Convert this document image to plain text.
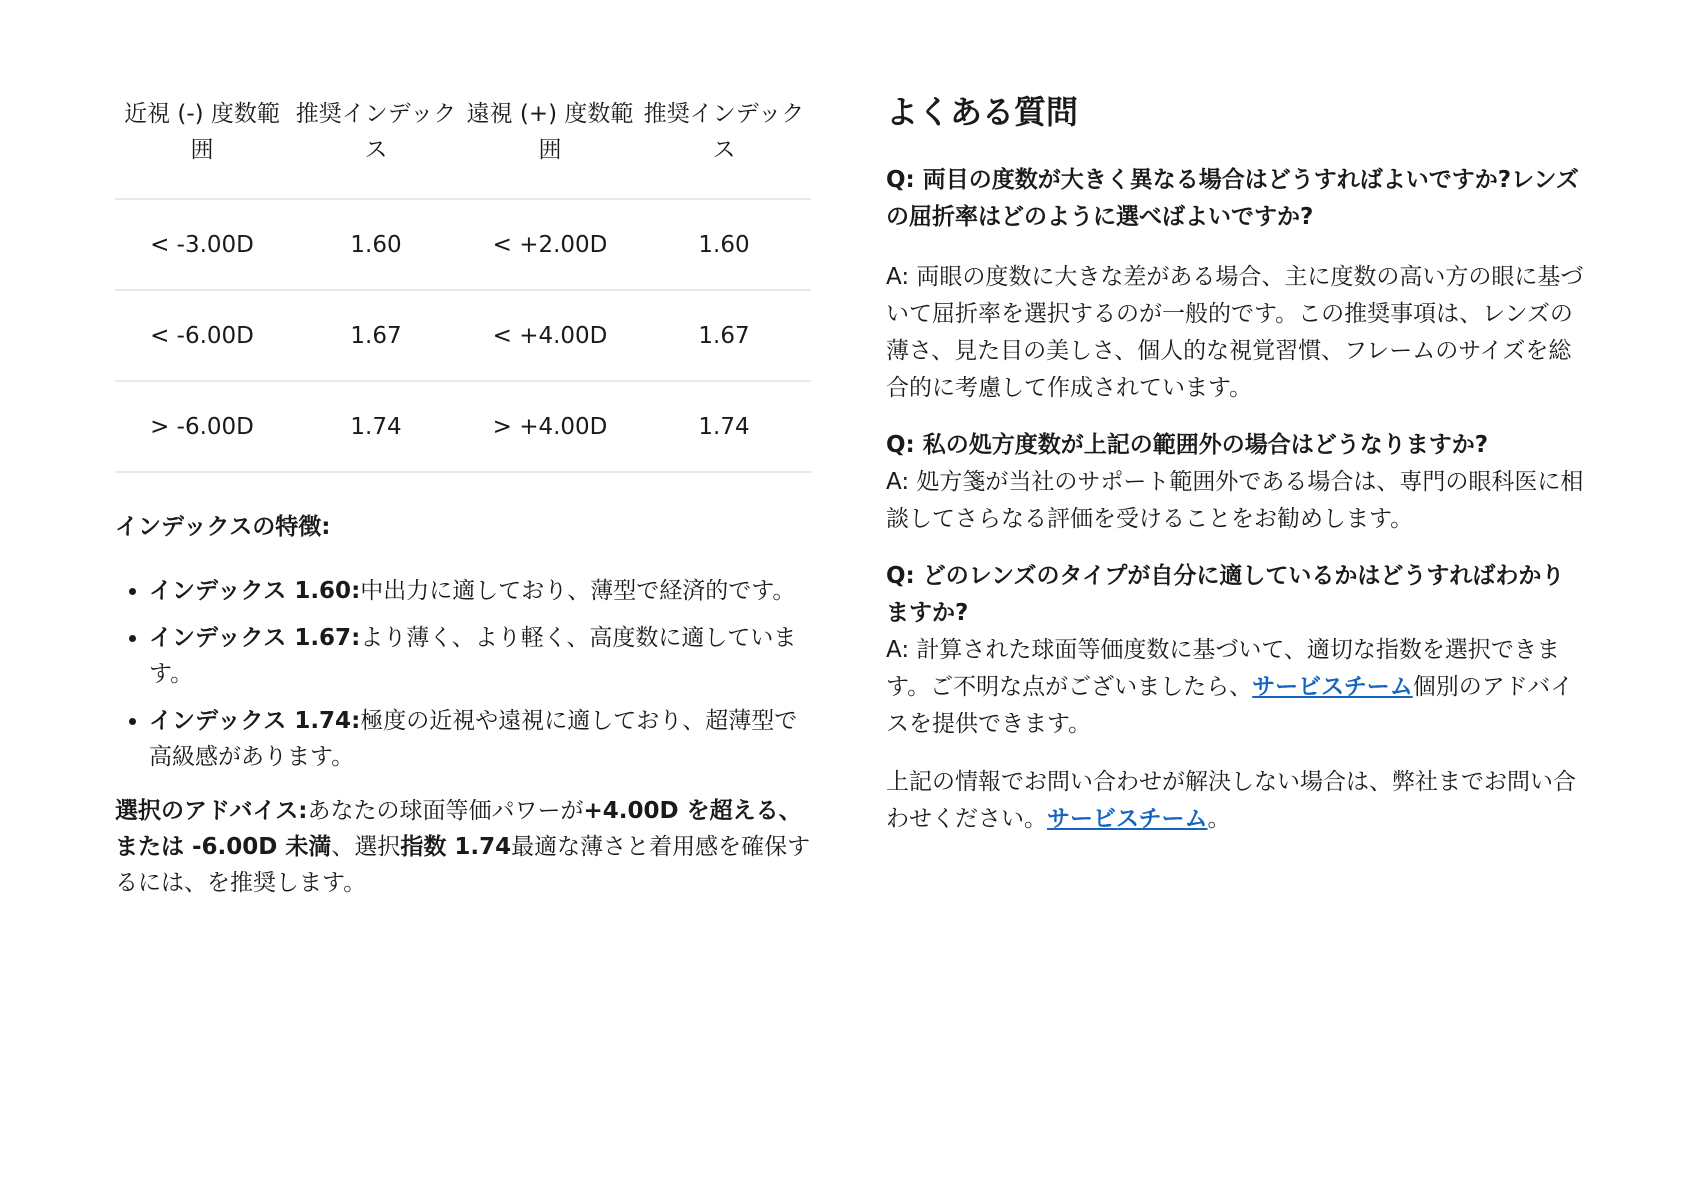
近視 (-) 度数範囲	推奨インデックス	遠視 (+) 度数範囲	推奨インデックス
< -3.00D	1.60	< +2.00D	1.60
< -6.00D	1.67	< +4.00D	1.67
> -6.00D	1.74	> +4.00D	1.74
インデックスの特徴:
• インデックス 1.60:中出力に適しており、薄型で経済的です。
• インデックス 1.67:より薄く、より軽く、高度数に適していま す。
• インデックス 1.74:極度の近視や遠視に適しており、超薄型で高級感があります。
選択のアドバイス:あなたの球面等価パワーが+4.00D を超える、または -6.00D 未満、選択指数 1.74最適な薄さと着用感を確保するには、を推奨します。
よくある質問
Q: 両目の度数が大きく異なる場合はどうすればよいですか?レンズの屈折率はどのように選べばよいですか?
A: 両眼の度数に大きな差がある場合、主に度数の高い方の眼に基づいて屈折率を選択するのが一般的です。この推奨事項は、レンズの薄さ、見た目の美しさ、個人的な視覚習慣、フレームのサイズを総合的に考慮して作成されています。
Q: 私の処方度数が上記の範囲外の場合はどうなりますか?
A: 処方箋が当社のサポート範囲外である場合は、専門の眼科医に相談してさらなる評価を受けることをお勧めします。
Q: どのレンズのタイプが自分に適しているかはどうすればわかりますか?
A: 計算された球面等価度数に基づいて、適切な指数を選択できます。ご不明な点がございましたら、サービスチーム個別のアドバイスを提供できます。
上記の情報でお問い合わせが解決しない場合は、弊社までお問い合わせください。サービスチーム。
